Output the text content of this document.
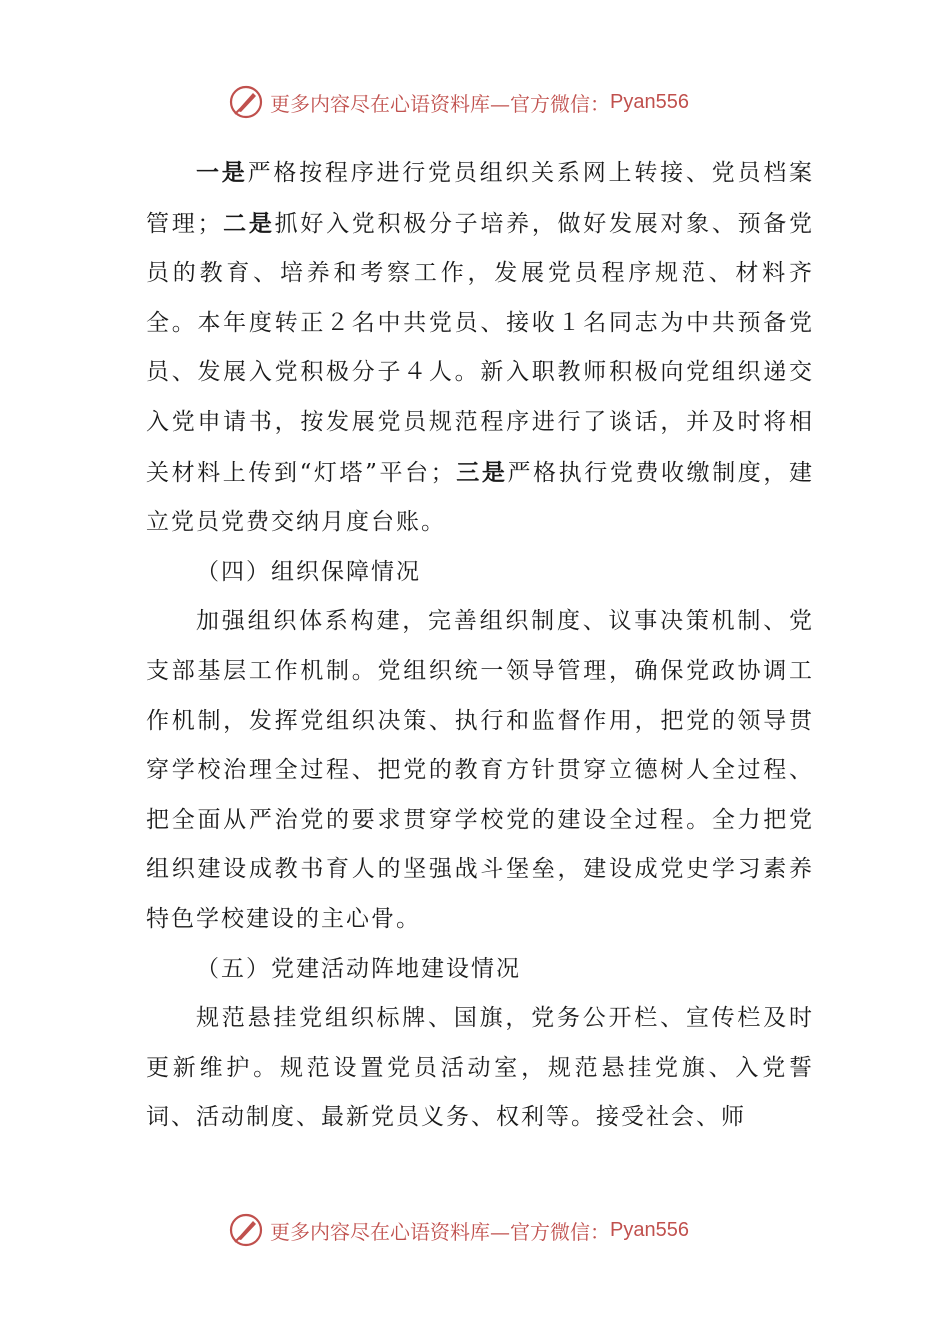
更多内容尽在心语资料库—官方微信： Pyan556

一是严格按程序进行党员组织关系网上转接、党员档案管理；二是抓好入党积极分子培养，做好发展对象、预备党员的教育、培养和考察工作，发展党员程序规范、材料齐全。本年度转正２名中共党员、接收１名同志为中共预备党员、发展入党积极分子４人。新入职教师积极向党组织递交入党申请书，按发展党员规范程序进行了谈话，并及时将相关材料上传到“灯塔”平台；三是严格执行党费收缴制度，建立党员党费交纳月度台账。

（四）组织保障情况

加强组织体系构建，完善组织制度、议事决策机制、党支部基层工作机制。党组织统一领导管理，确保党政协调工作机制，发挥党组织决策、执行和监督作用，把党的领导贯穿学校治理全过程、把党的教育方针贯穿立德树人全过程、把全面从严治党的要求贯穿学校党的建设全过程。全力把党组织建设成教书育人的坚强战斗堡垒，建设成党史学习素养特色学校建设的主心骨。

（五）党建活动阵地建设情况

规范悬挂党组织标牌、国旗，党务公开栏、宣传栏及时更新维护。规范设置党员活动室，规范悬挂党旗、入党誓词、活动制度、最新党员义务、权利等。接受社会、师

更多内容尽在心语资料库—官方微信： Pyan556
